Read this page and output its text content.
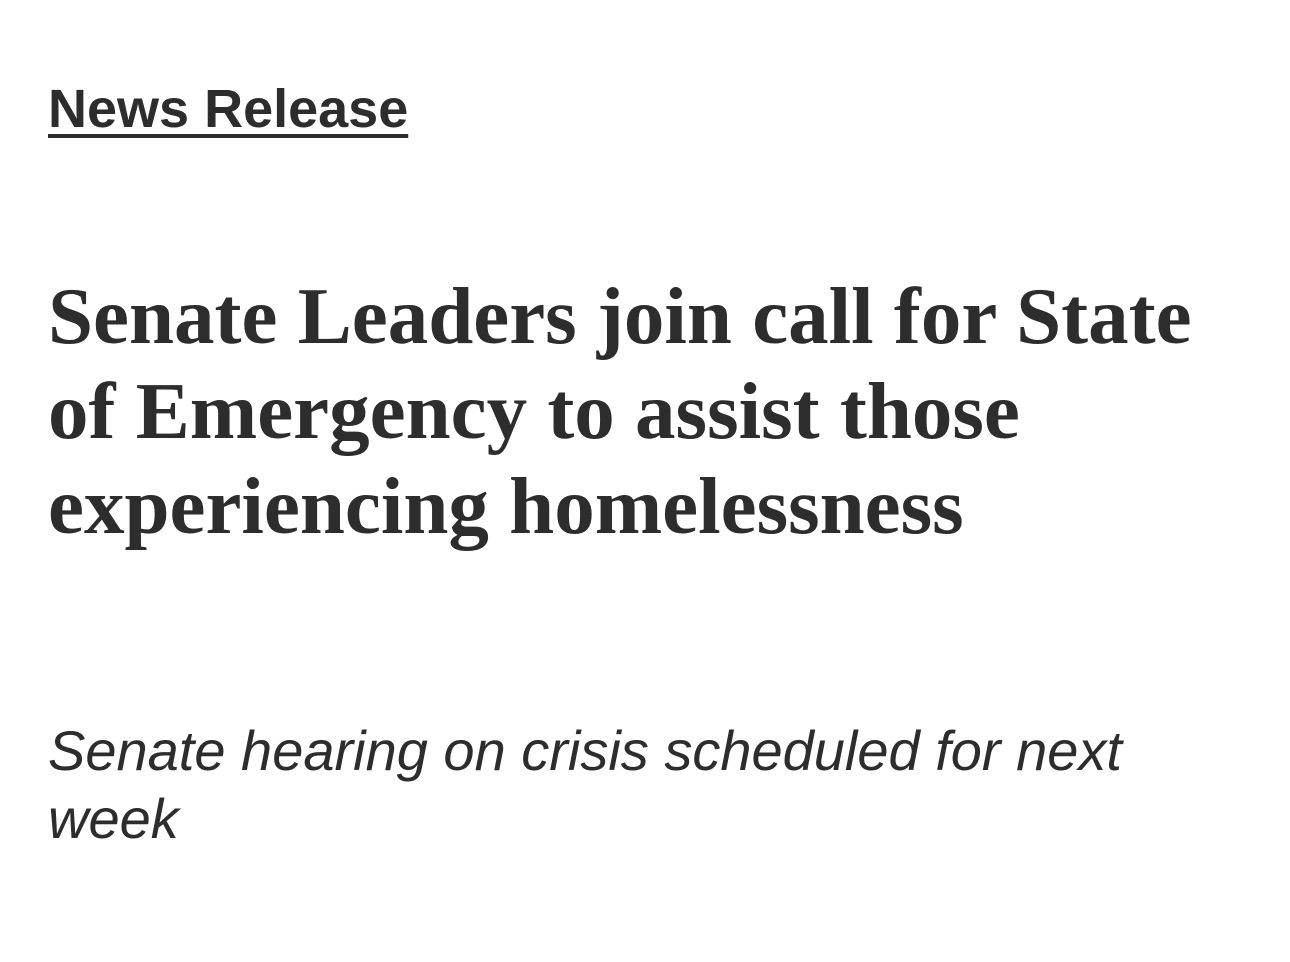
News Release
Senate Leaders join call for State of Emergency to assist those experiencing homelessness

Senate hearing on crisis scheduled for next week
